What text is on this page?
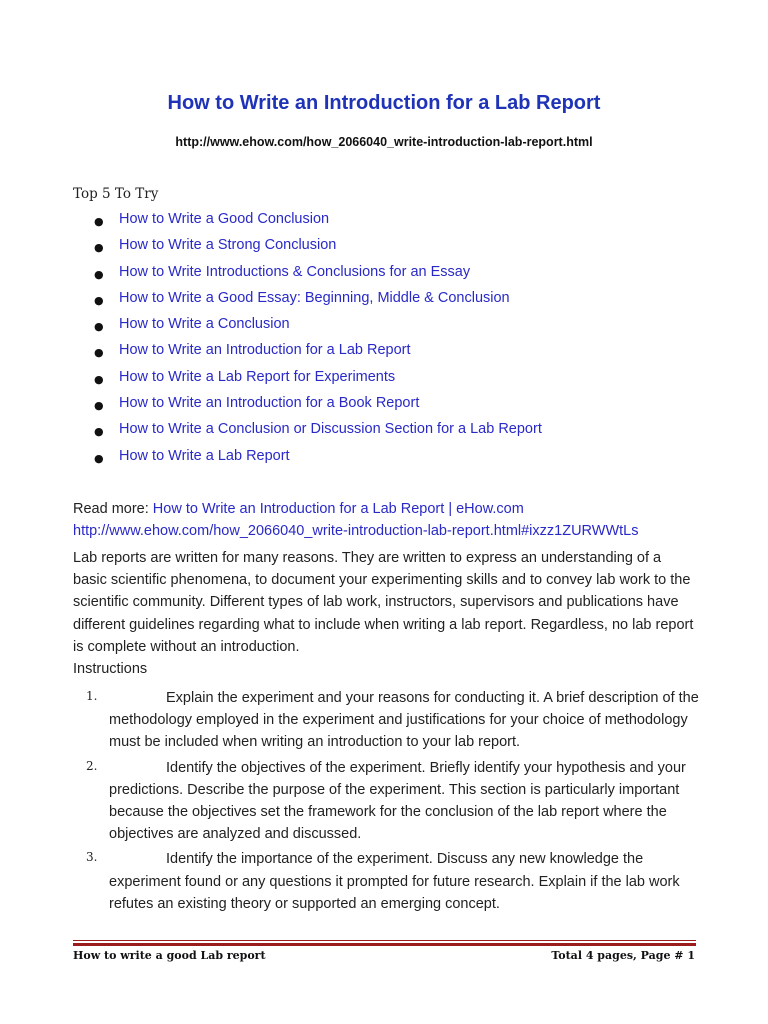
How to Write an Introduction for a Lab Report
http://www.ehow.com/how_2066040_write-introduction-lab-report.html
Top 5 To Try
● How to Write a Good Conclusion
● How to Write a Strong Conclusion
● How to Write Introductions & Conclusions for an Essay
● How to Write a Good Essay: Beginning, Middle & Conclusion
● How to Write a Conclusion
● How to Write an Introduction for a Lab Report
● How to Write a Lab Report for Experiments
● How to Write an Introduction for a Book Report
● How to Write a Conclusion or Discussion Section for a Lab Report
● How to Write a Lab Report
Read more: How to Write an Introduction for a Lab Report | eHow.com
http://www.ehow.com/how_2066040_write-introduction-lab-report.html#ixzz1ZURWWtLs

Lab reports are written for many reasons. They are written to express an understanding of a basic scientific phenomena, to document your experimenting skills and to convey lab work to the scientific community. Different types of lab work, instructors, supervisors and publications have different guidelines regarding what to include when writing a lab report. Regardless, no lab report is complete without an introduction.

Instructions
1.	Explain the experiment and your reasons for conducting it. A brief description of the methodology employed in the experiment and justifications for your choice of methodology must be included when writing an introduction to your lab report.

2.	Identify the objectives of the experiment. Briefly identify your hypothesis and your predictions. Describe the purpose of the experiment. This section is particularly important because the objectives set the framework for the conclusion of the lab report where the objectives are analyzed and discussed.

3.	Identify the importance of the experiment. Discuss any new knowledge the experiment found or any questions it prompted for future research. Explain if the lab work refutes an existing theory or supported an emerging concept.

How to write a good Lab report	Total 4 pages, Page # 1
